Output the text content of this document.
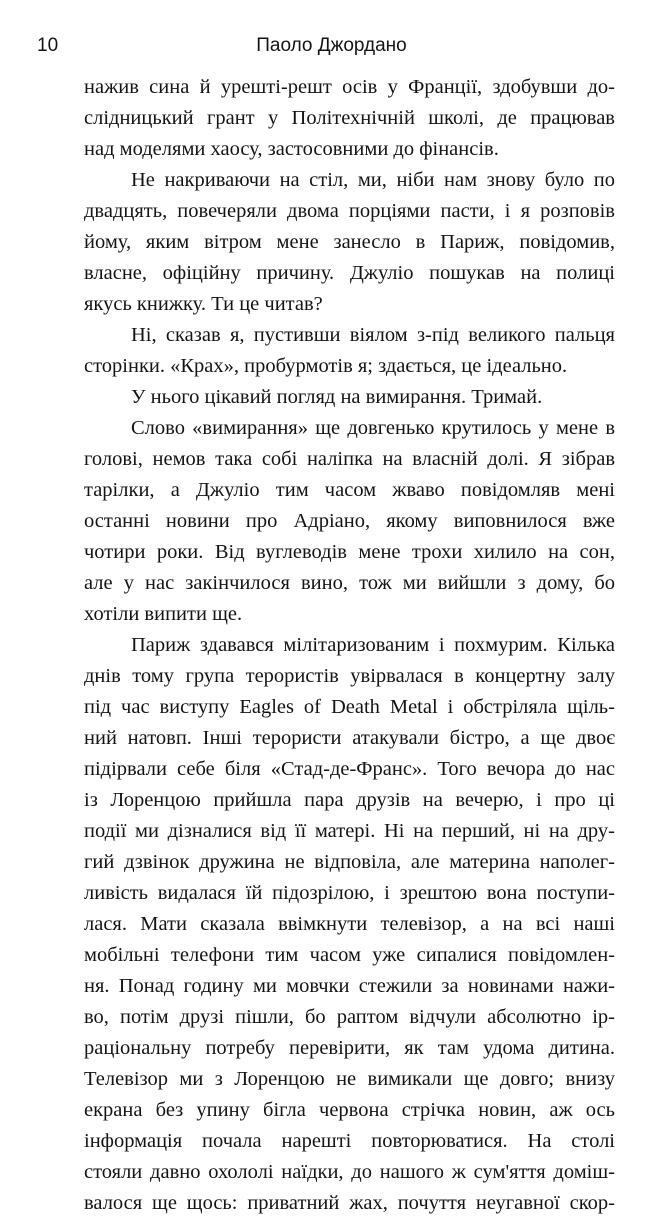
10	Паоло Джордано
нажив сина й урешті-решт осів у Франції, здобувши до-
слідницький грант у Політехнічній школі, де працював
над моделями хаосу, застосовними до фінансів.
Не накриваючи на стіл, ми, ніби нам знову було по
двадцять, повечеряли двома порціями пасти, і я розповів
йому, яким вітром мене занесло в Париж, повідомив,
власне, офіційну причину. Джуліо пошукав на полиці
якусь книжку. Ти це читав?
Ні, сказав я, пустивши віялом з-під великого пальця
сторінки. «Крах», пробурмотів я; здається, це ідеально.
У нього цікавий погляд на вимирання. Тримай.
Слово «вимирання» ще довгенько крутилось у мене в
голові, немов така собі наліпка на власній долі. Я зібрав
тарілки, а Джуліо тим часом жваво повідомляв мені
останні новини про Адріано, якому виповнилося вже
чотири роки. Від вуглеводів мене трохи хилило на сон,
але у нас закінчилося вино, тож ми вийшли з дому, бо
хотіли випити ще.
Париж здавався мілітаризованим і похмурим. Кілька
днів тому група терористів увірвалася в концертну залу
під час виступу Eagles of Death Metal і обстріляла щіль-
ний натовп. Інші терористи атакували бістро, а ще двоє
підірвали себе біля «Стад-де-Франс». Того вечора до нас
із Лоренцою прийшла пара друзів на вечерю, і про ці
події ми дізналися від її матері. Ні на перший, ні на дру-
гий дзвінок дружина не відповіла, але материна наполег-
ливість видалася їй підозрілою, і зрештою вона поступи-
лася. Мати сказала ввімкнути телевізор, а на всі наші
мобільні телефони тим часом уже сипалися повідомлен-
ня. Понад годину ми мовчки стежили за новинами нажи-
во, потім друзі пішли, бо раптом відчули абсолютно ір-
раціональну потребу перевірити, як там удома дитина.
Телевізор ми з Лоренцою не вимикали ще довго; внизу
екрана без упину бігла червона стрічка новин, аж ось
інформація почала нарешті повторюватися. На столі
стояли давно охололі наїдки, до нашого ж сум'яття доміш-
валося ще щось: приватний жах, почуття неугавної скор-
